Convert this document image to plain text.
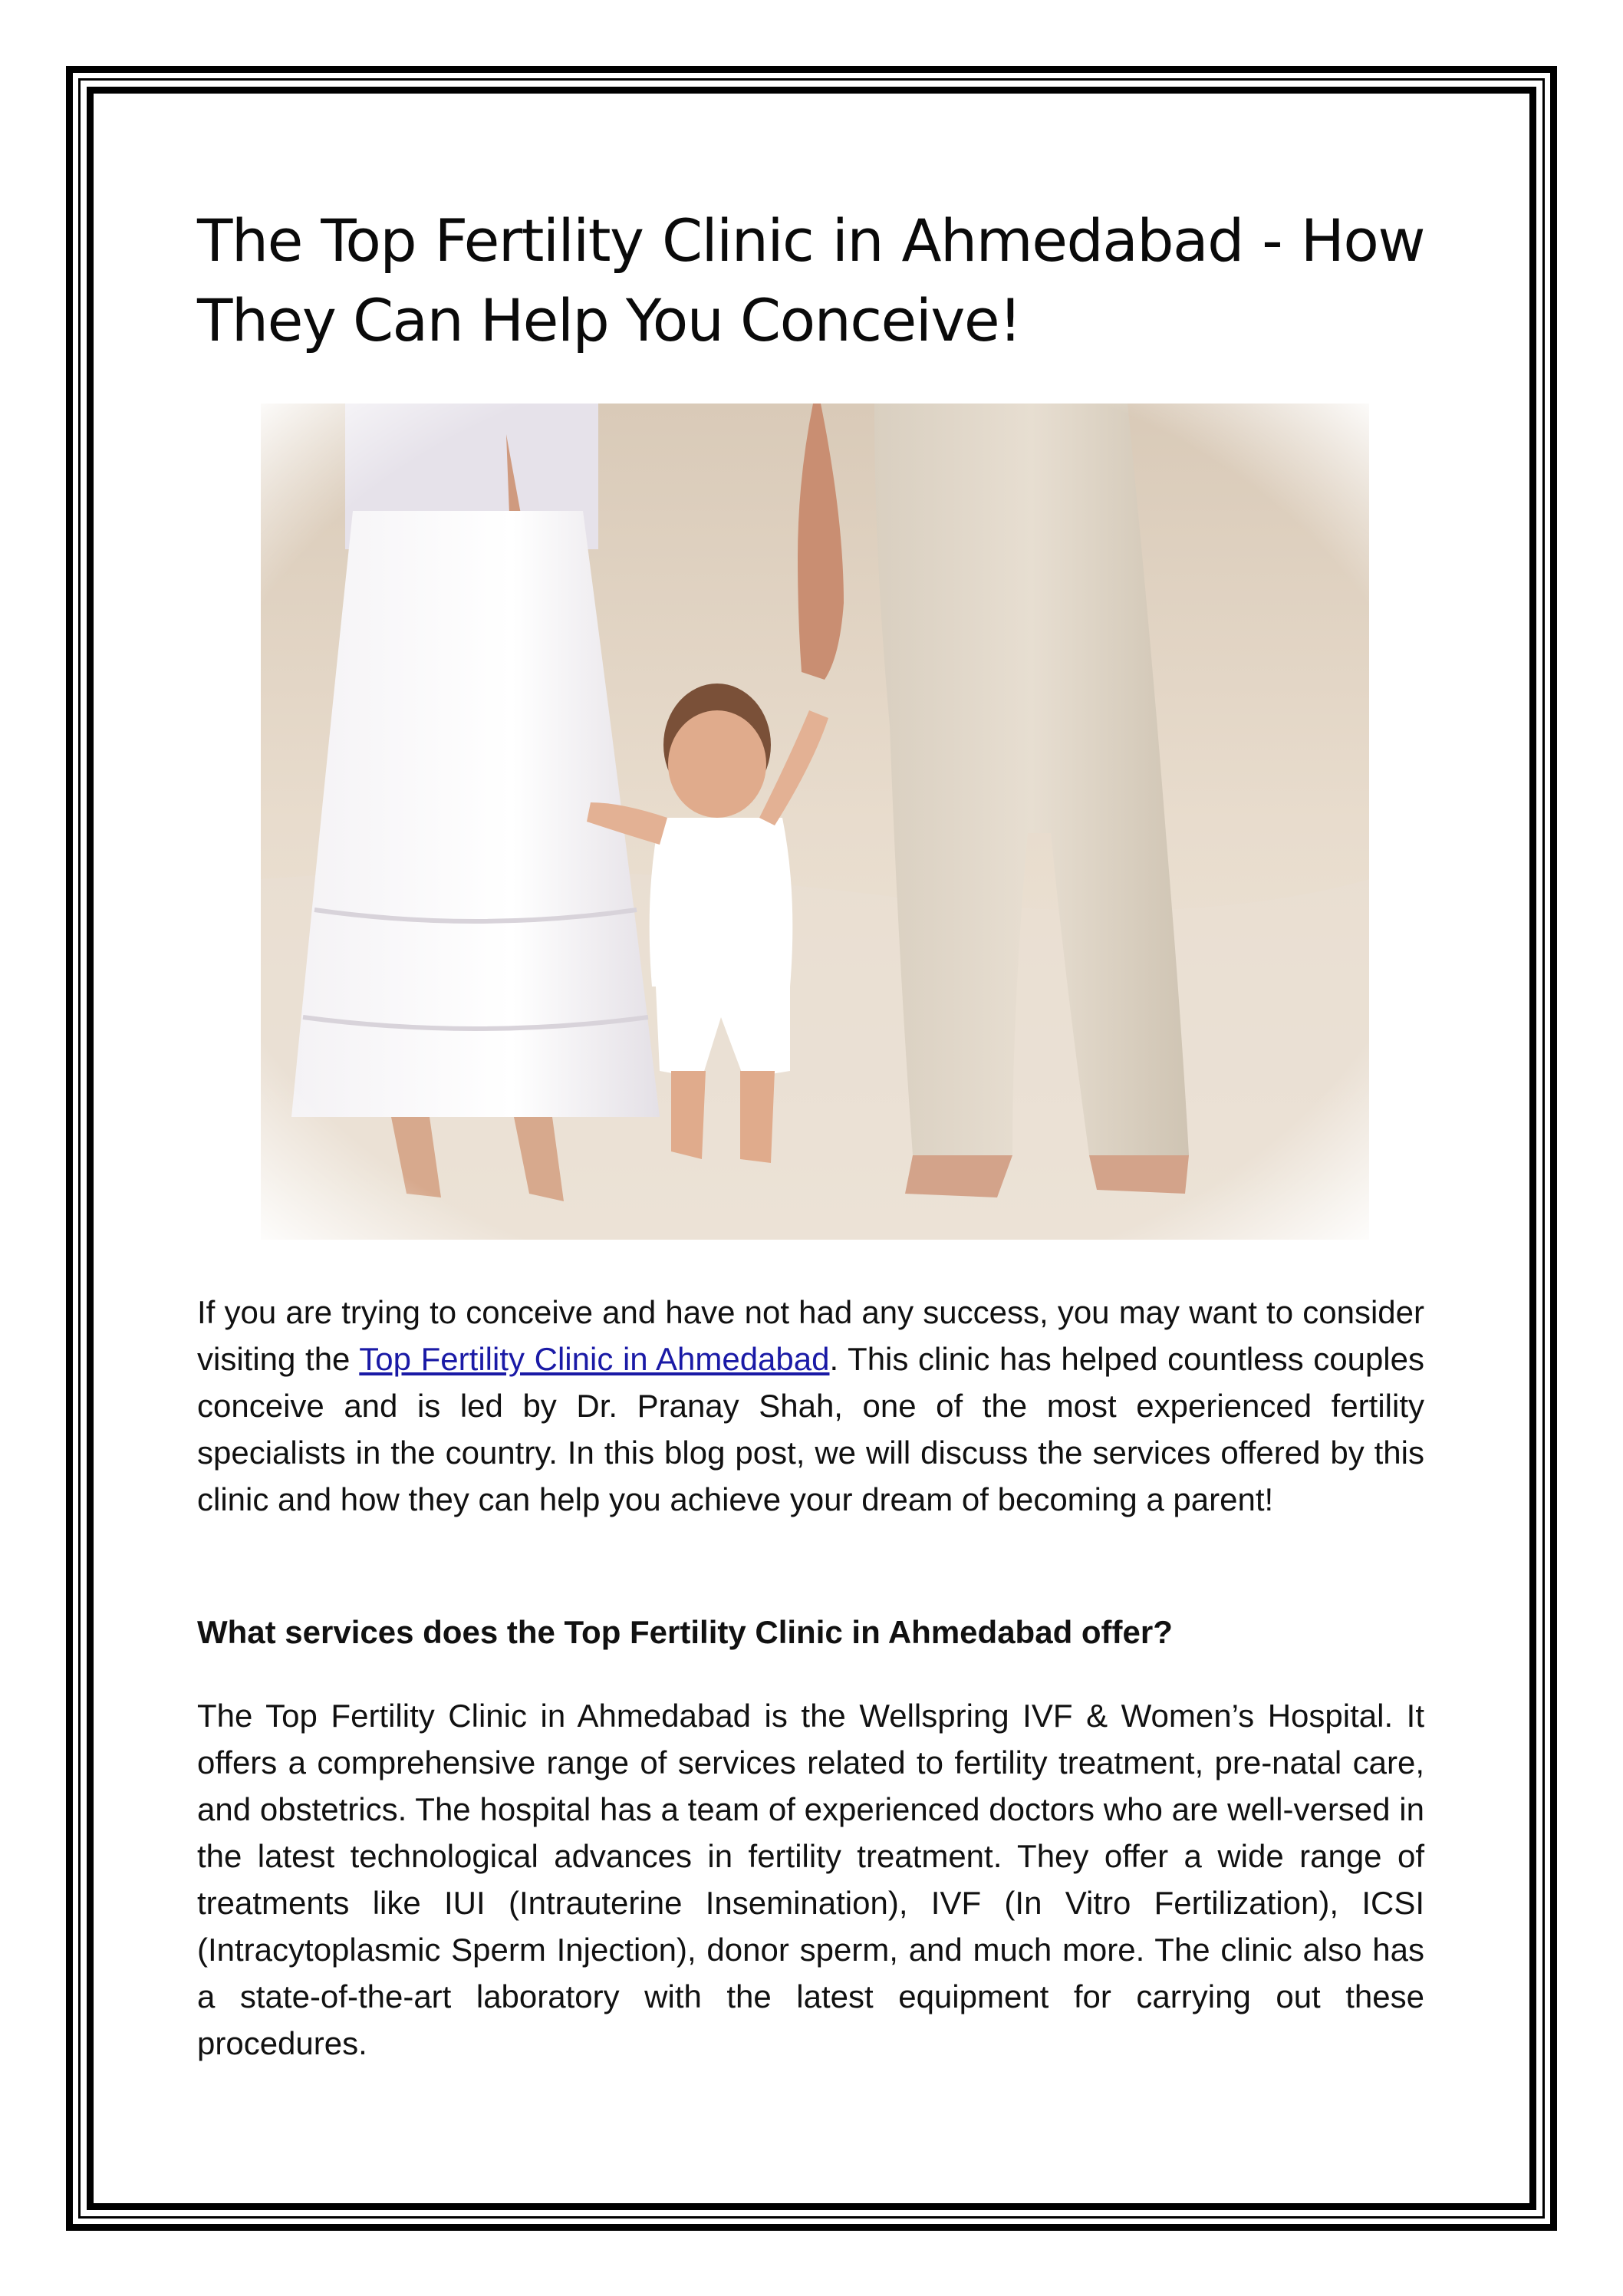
The Top Fertility Clinic in Ahmedabad - How They Can Help You Conceive!

If you are trying to conceive and have not had any success, you may want to consider visiting the Top Fertility Clinic in Ahmedabad. This clinic has helped countless couples conceive and is led by Dr. Pranay Shah, one of the most experienced fertility specialists in the country. In this blog post, we will discuss the services offered by this clinic and how they can help you achieve your dream of becoming a parent!

What services does the Top Fertility Clinic in Ahmedabad offer?

The Top Fertility Clinic in Ahmedabad is the Wellspring IVF & Women’s Hospital. It offers a comprehensive range of services related to fertility treatment, pre-natal care, and obstetrics. The hospital has a team of experienced doctors who are well-versed in the latest technological advances in fertility treatment. They offer a wide range of treatments like IUI (Intrauterine Insemination), IVF (In Vitro Fertilization), ICSI (Intracytoplasmic Sperm Injection), donor sperm, and much more. The clinic also has a state-of-the-art laboratory with the latest equipment for carrying out these procedures.
